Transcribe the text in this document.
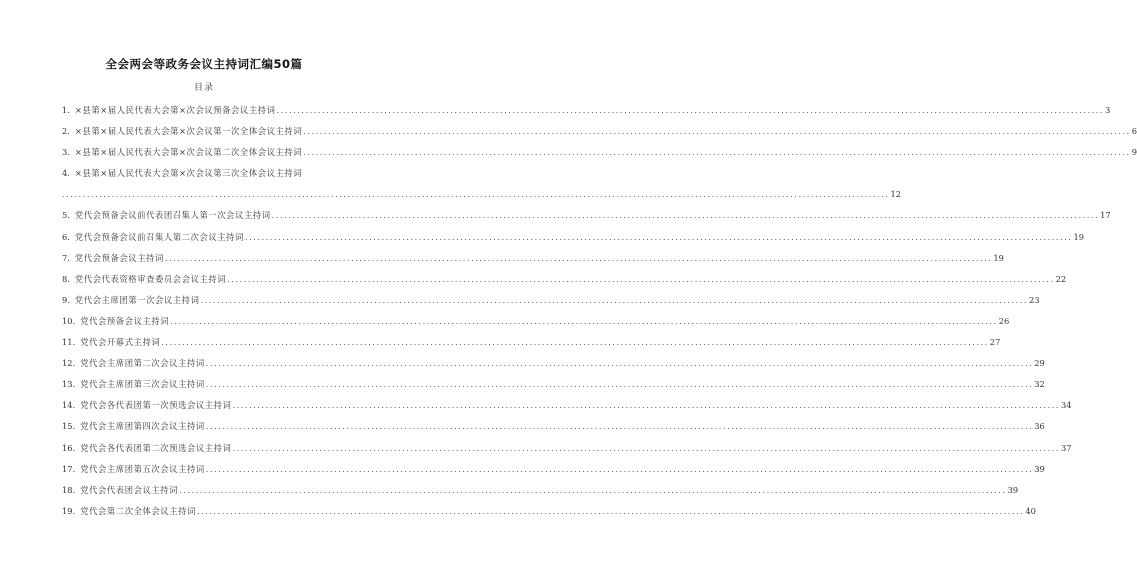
全会两会等政务会议主持词汇编50篇
目录
1. ×县第×届人民代表大会第×次会议预备会议主持词 ........................................................................................................................................................................................................ 3
2. ×县第×届人民代表大会第×次会议第一次全体会议主持词 ........................................................................................................................................................................................................ 6
3. ×县第×届人民代表大会第×次会议第二次全体会议主持词 ........................................................................................................................................................................................................ 9
4. ×县第×届人民代表大会第×次会议第三次全体会议主持词
........................................................................................................................................................................................................ 12
5. 党代会预备会议前代表团召集人第一次会议主持词 ........................................................................................................................................................................................................ 17
6. 党代会预备会议前召集人第二次会议主持词 ........................................................................................................................................................................................................ 19
7. 党代会预备会议主持词 ........................................................................................................................................................................................................ 19
8. 党代会代表资格审查委员会会议主持词 ........................................................................................................................................................................................................ 22
9. 党代会主席团第一次会议主持词 ........................................................................................................................................................................................................ 23
10. 党代会预备会议主持词 ........................................................................................................................................................................................................ 26
11. 党代会开幕式主持词 ........................................................................................................................................................................................................ 27
12. 党代会主席团第二次会议主持词 ........................................................................................................................................................................................................ 29
13. 党代会主席团第三次会议主持词 ........................................................................................................................................................................................................ 32
14. 党代会各代表团第一次预选会议主持词 ........................................................................................................................................................................................................ 34
15. 党代会主席团第四次会议主持词 ........................................................................................................................................................................................................ 36
16. 党代会各代表团第二次预选会议主持词 ........................................................................................................................................................................................................ 37
17. 党代会主席团第五次会议主持词 ........................................................................................................................................................................................................ 39
18. 党代会代表团会议主持词 ........................................................................................................................................................................................................ 39
19. 党代会第二次全体会议主持词 ........................................................................................................................................................................................................ 40
